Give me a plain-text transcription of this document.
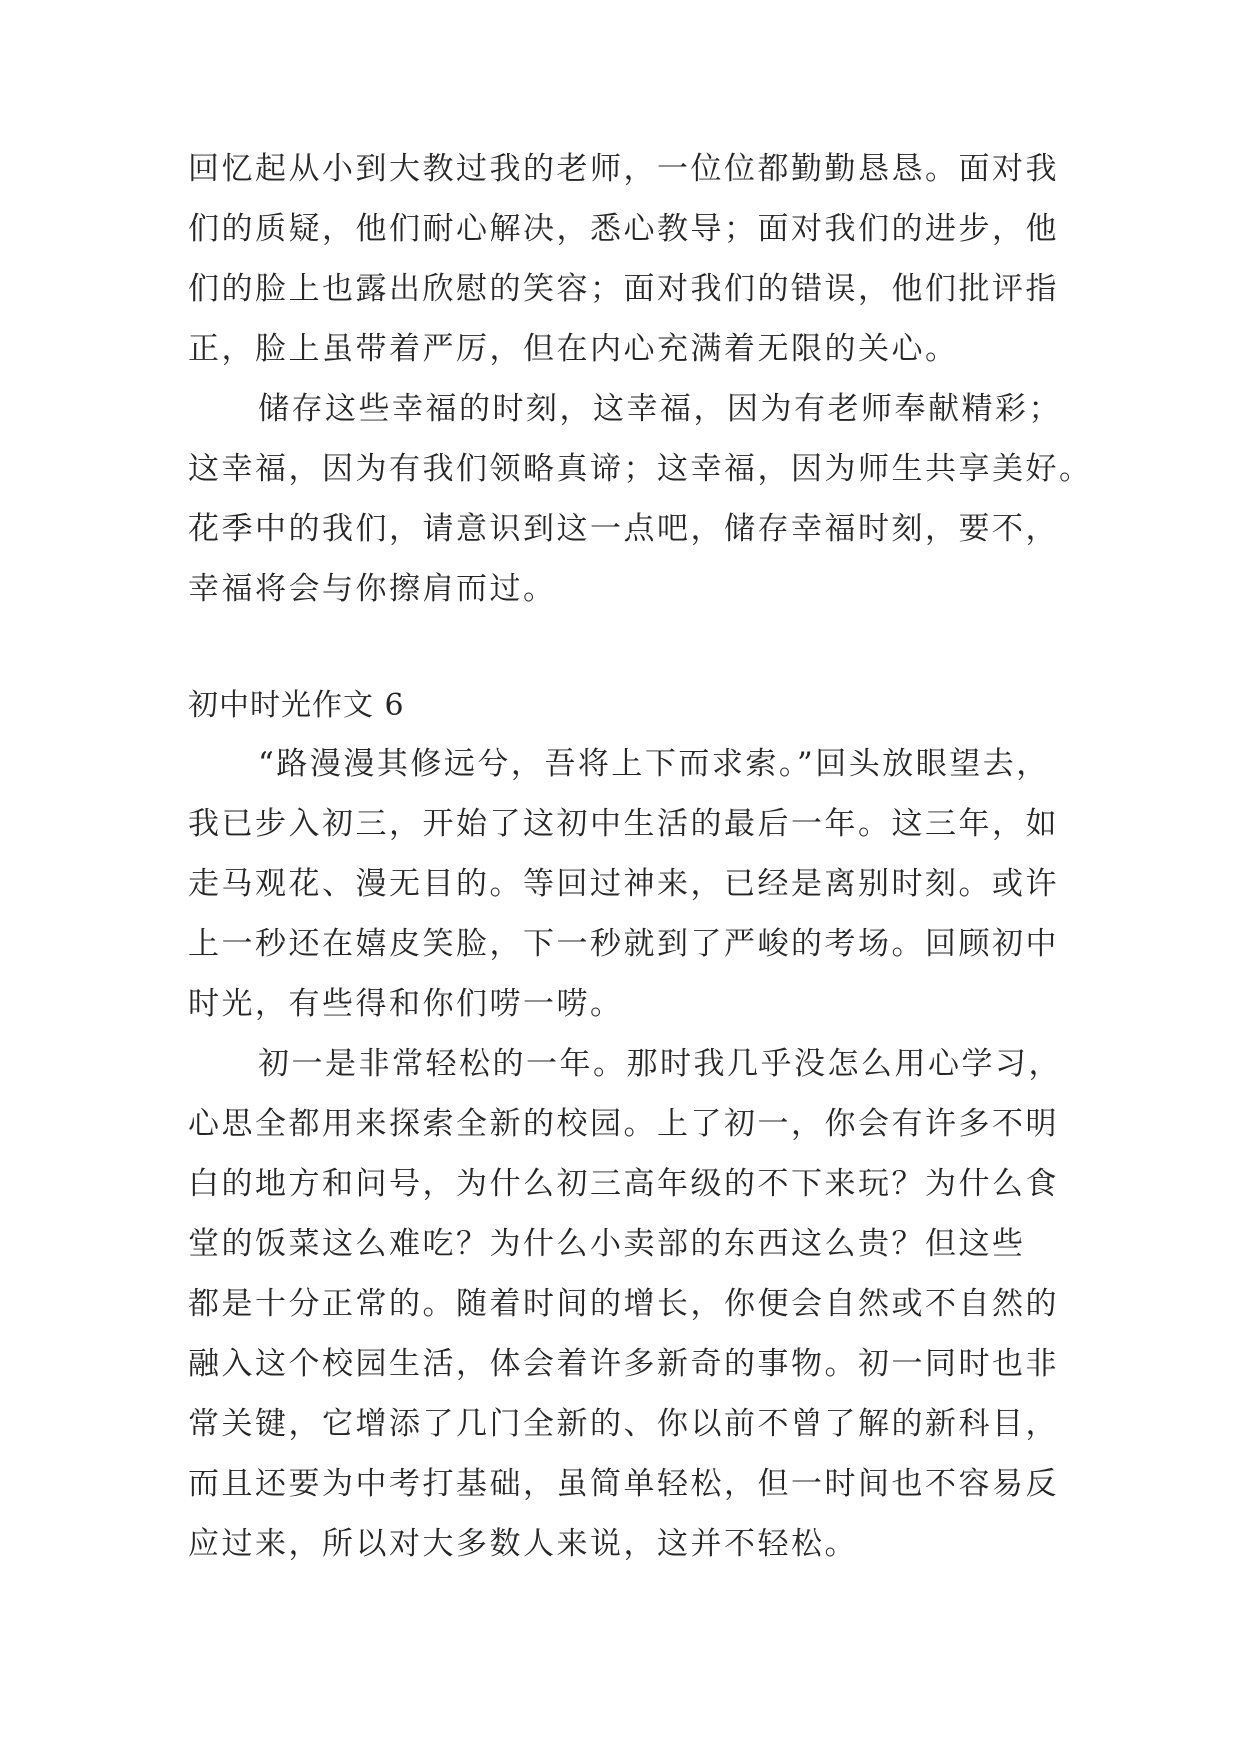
回忆起从小到大教过我的老师，一位位都勤勤恳恳。面对我
们的质疑，他们耐心解决，悉心教导；面对我们的进步，他
们的脸上也露出欣慰的笑容；面对我们的错误，他们批评指
正，脸上虽带着严厉，但在内心充满着无限的关心。
储存这些幸福的时刻，这幸福，因为有老师奉献精彩；
这幸福，因为有我们领略真谛；这幸福，因为师生共享美好。
花季中的我们，请意识到这一点吧，储存幸福时刻，要不，
幸福将会与你擦肩而过。
初中时光作文 6
“路漫漫其修远兮，吾将上下而求索。”回头放眼望去，
我已步入初三，开始了这初中生活的最后一年。这三年，如
走马观花、漫无目的。等回过神来，已经是离别时刻。或许
上一秒还在嬉皮笑脸，下一秒就到了严峻的考场。回顾初中
时光，有些得和你们唠一唠。
初一是非常轻松的一年。那时我几乎没怎么用心学习，
心思全都用来探索全新的校园。上了初一，你会有许多不明
白的地方和问号，为什么初三高年级的不下来玩？为什么食
堂的饭菜这么难吃？为什么小卖部的东西这么贵？但这些
都是十分正常的。随着时间的增长，你便会自然或不自然的
融入这个校园生活，体会着许多新奇的事物。初一同时也非
常关键，它增添了几门全新的、你以前不曾了解的新科目，
而且还要为中考打基础，虽简单轻松，但一时间也不容易反
应过来，所以对大多数人来说，这并不轻松。
